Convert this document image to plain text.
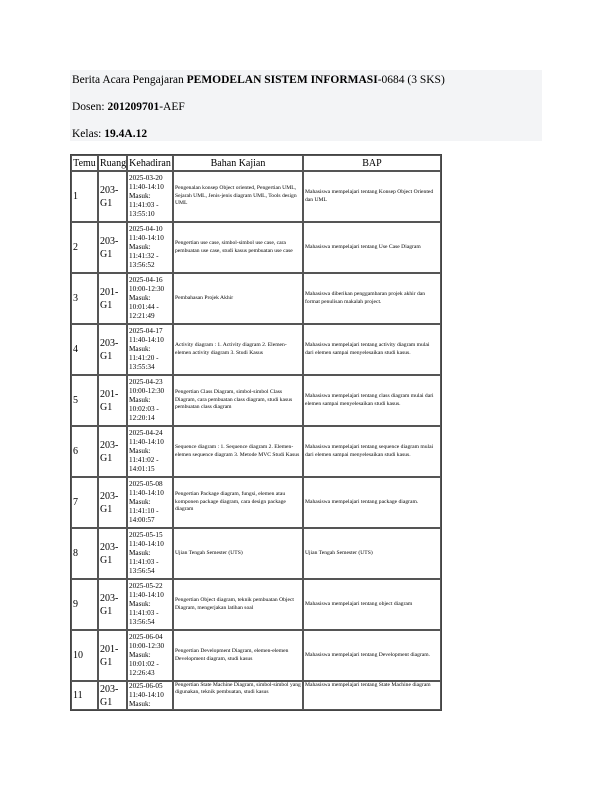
Berita Acara Pengajaran PEMODELAN SISTEM INFORMASI-0684 (3 SKS)
Dosen: 201209701-AEF
Kelas: 19.4A.12
Temu	Ruang	Kehadiran	Bahan Kajian	BAP
1	203-G1	2025-03-20
11:40-14:10
Masuk:
11:41:03 - 13:55:10	Pengenalan konsep Object oriented, Pengertian UML, Sejarah UML, Jenis-jenis diagram UML, Tools design UML	Mahasiswa mempelajari tentang Konsep Object Oriented dan UML
2	203-G1	2025-04-10
11:40-14:10
Masuk:
11:41:32 - 13:56:52	Pengertian use case, simbol-simbol use case, cara pembuatan use case, studi kasus pembuatan use case	Mahasiswa mempelajari tentang Use Case Diagram
3	201-G1	2025-04-16
10:00-12:30
Masuk:
10:01:44 - 12:21:49	Pembahasan Projek Akhir	Mahasiswa diberikan penggambaran projek akhir dan format penulisan makalah project.
4	203-G1	2025-04-17
11:40-14:10
Masuk:
11:41:20 - 13:55:34	Activity diagram : 1. Activity diagram 2. Elemen-elemen activity diagram 3. Studi Kasus	Mahasiswa mempelajari tentang activity diagram mulai dari elemen sampai menyelesaikan studi kasus.
5	201-G1	2025-04-23
10:00-12:30
Masuk:
10:02:03 - 12:20:14	Pengertian Class Diagram, simbol-simbol Class Diagram, cara pembuatan class diagram, studi kasus pembuatan class diagram	Mahasiswa mempelajari tentang class diagram mulai dari elemen sampai menyelesaikan studi kasus.
6	203-G1	2025-04-24
11:40-14:10
Masuk:
11:41:02 - 14:01:15	Sequence diagram : 1. Sequence diagram 2. Elemen-elemen sequence diagram 3. Metode MVC Studi Kasus	Mahasiswa mempelajari tentang sequence diagram mulai dari elemen sampai menyelesaikan studi kasus.
7	203-G1	2025-05-08
11:40-14:10
Masuk:
11:41:10 - 14:00:57	Pengertian Package diagram, fungsi, elemen atau komponen package diagram, cara design package diagram	Mahasiswa mempelajari tentang package diagram.
8	203-G1	2025-05-15
11:40-14:10
Masuk:
11:41:03 - 13:56:54	Ujian Tengah Semester (UTS)	Ujian Tengah Semester (UTS)
9	203-G1	2025-05-22
11:40-14:10
Masuk:
11:41:03 - 13:56:54	Pengertian Object diagram, teknik pembuatan Object Diagram, mengerjakan latihan soal	Mahasiswa mempelajari tentang object diagram
10	201-G1	2025-06-04
10:00-12:30
Masuk:
10:01:02 - 12:26:43	Pengertian Development Diagram, elemen-elemen Development diagram, studi kasus	Mahasiswa mempelajari tentang Development diagram.
11	203-G1	2025-06-05
11:40-14:10
Masuk:	Pengertian State Machine Diagram, simbol-simbol yang digunakan, teknik pembuatan, studi kasus	Mahasiswa mempelajari tentang State Machine diagram
